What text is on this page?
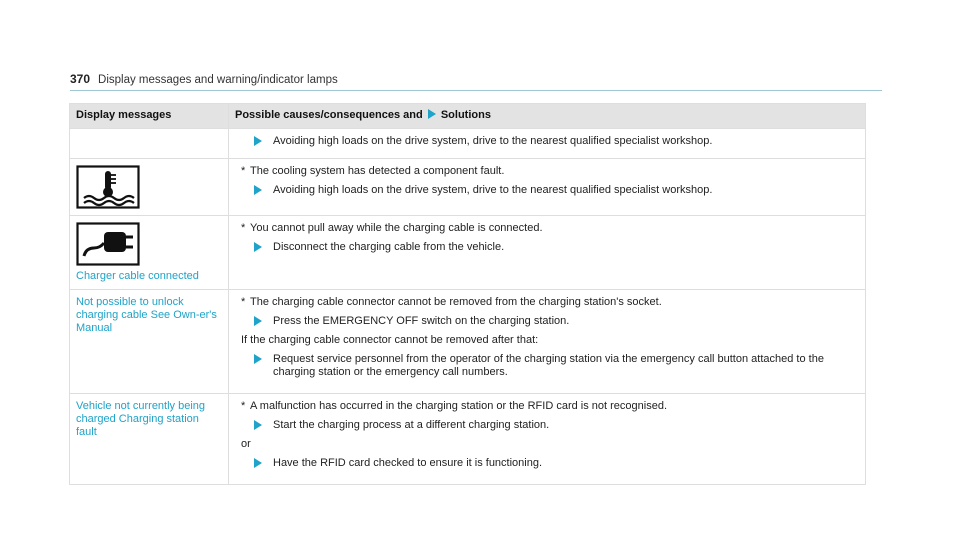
370 Display messages and warning/indicator lamps
Display messages	Possible causes/consequences and Solutions

Avoiding high loads on the drive system, drive to the nearest qualified specialist workshop.

* The cooling system has detected a component fault.
Avoiding high loads on the drive system, drive to the nearest qualified specialist workshop.

Charger cable connected	* You cannot pull away while the charging cable is connected.
Disconnect the charging cable from the vehicle.

Not possible to unlock charging cable See Own-er's Manual	* The charging cable connector cannot be removed from the charging station's socket.
Press the EMERGENCY OFF switch on the charging station.
If the charging cable connector cannot be removed after that:
Request service personnel from the operator of the charging station via the emergency call button attached to the charging station or the emergency call numbers.

Vehicle not currently being charged Charging station fault	* A malfunction has occurred in the charging station or the RFID card is not recognised.
Start the charging process at a different charging station.
or
Have the RFID card checked to ensure it is functioning.
